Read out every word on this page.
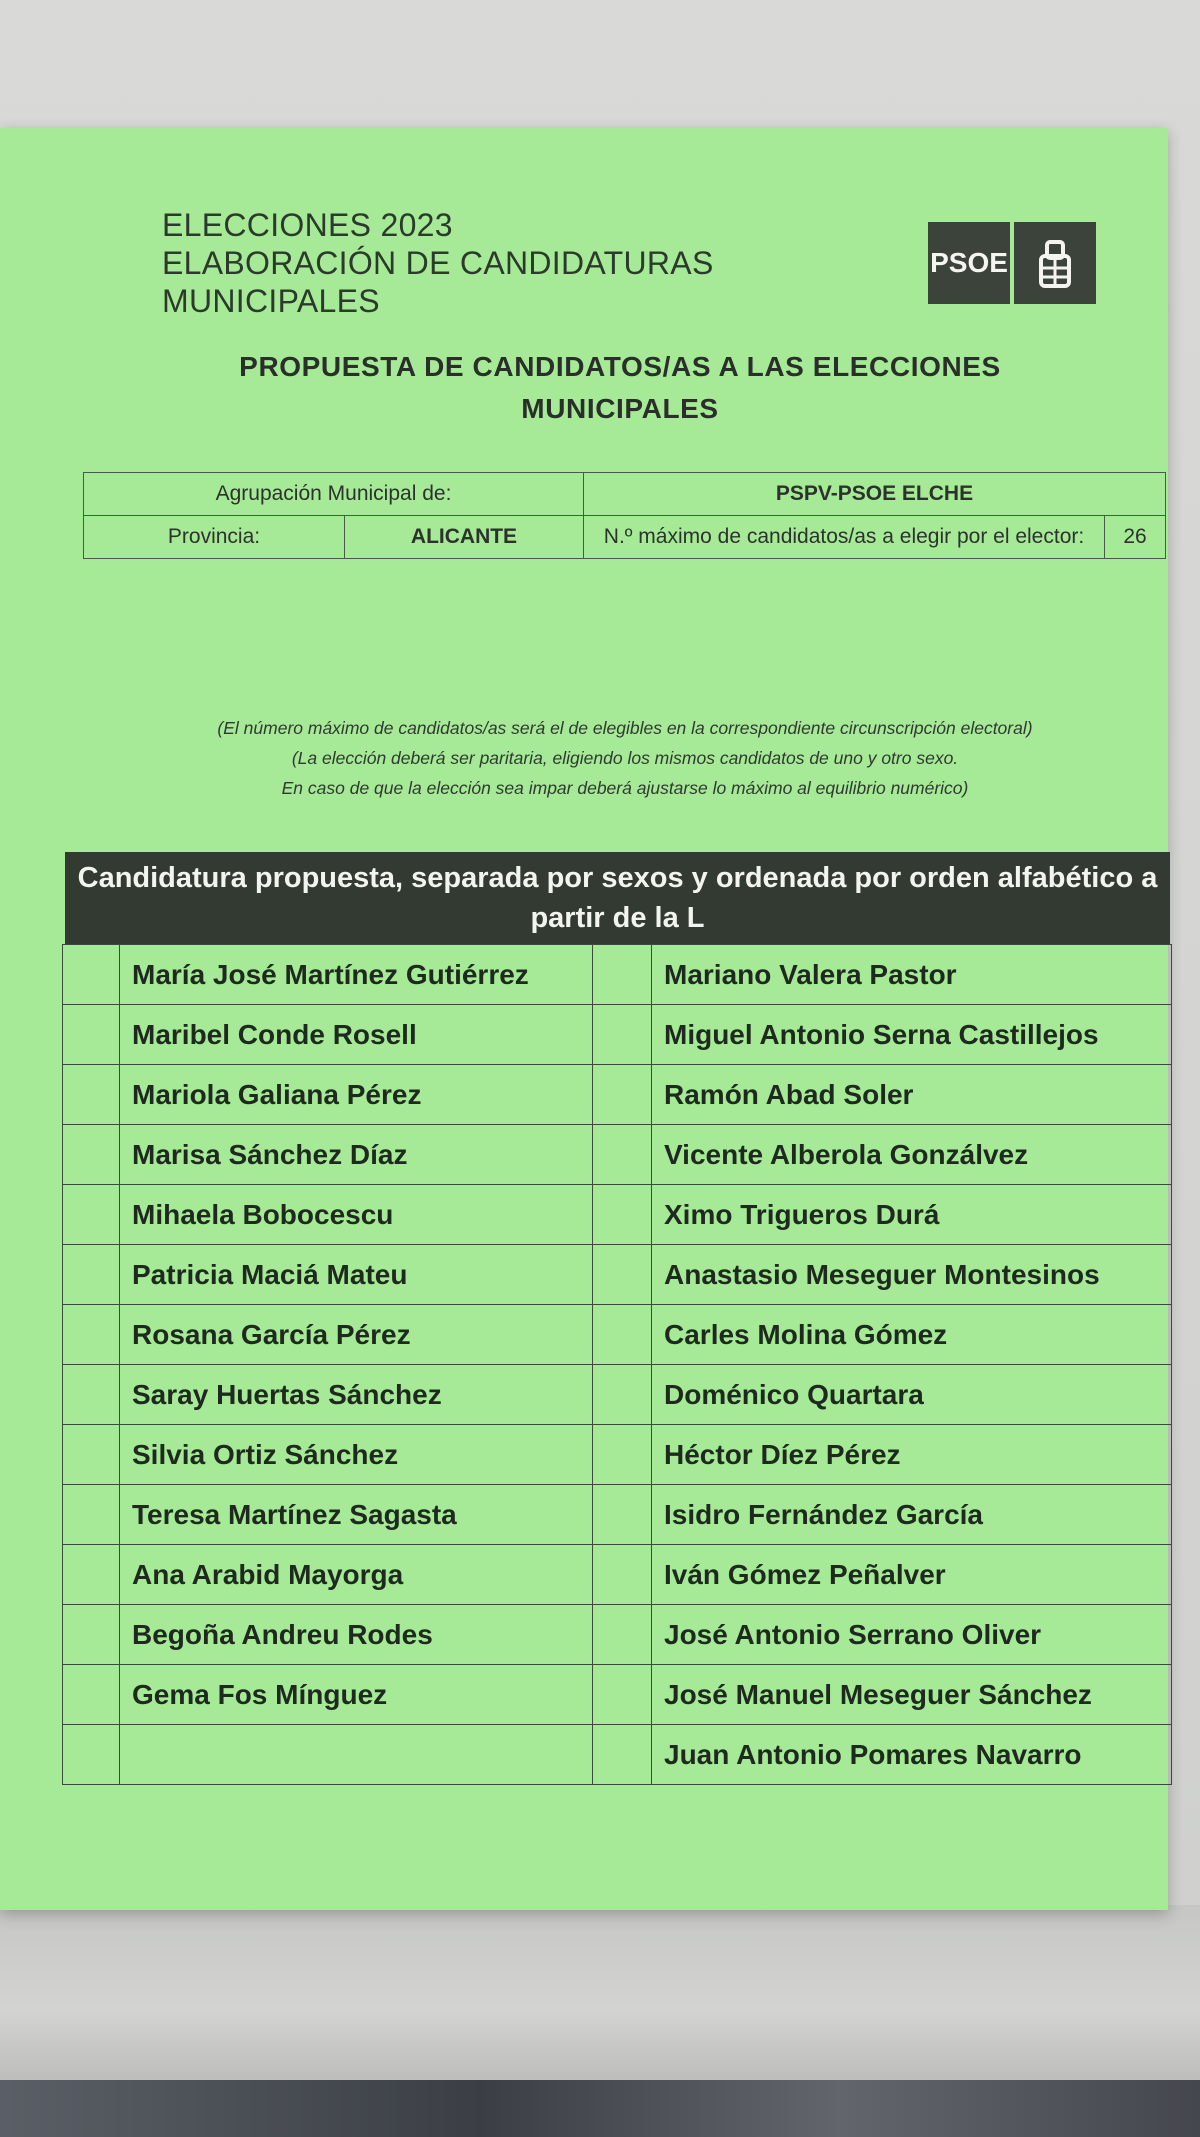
ELECCIONES 2023
ELABORACIÓN DE CANDIDATURAS
MUNICIPALES
PSOE
PROPUESTA DE CANDIDATOS/AS A LAS ELECCIONES
MUNICIPALES
Agrupación Municipal de:		PSPV-PSOE ELCHE	
Provincia:	ALICANTE	N.º máximo de candidatos/as a elegir por el elector:	26
(El número máximo de candidatos/as será el de elegibles en la correspondiente circunscripción electoral)
(La elección deberá ser paritaria, eligiendo los mismos candidatos de uno y otro sexo.
En caso de que la elección sea impar deberá ajustarse lo máximo al equilibrio numérico)
Candidatura propuesta, separada por sexos y ordenada por orden alfabético a
partir de la L
	María José Martínez Gutiérrez		Mariano Valera Pastor
	Maribel Conde Rosell		Miguel Antonio Serna Castillejos
	Mariola Galiana Pérez		Ramón Abad Soler
	Marisa Sánchez Díaz		Vicente Alberola Gonzálvez
	Mihaela Bobocescu		Ximo Trigueros Durá
	Patricia Maciá Mateu		Anastasio Meseguer Montesinos
	Rosana García Pérez		Carles Molina Gómez
	Saray Huertas Sánchez		Doménico Quartara
	Silvia Ortiz Sánchez		Héctor Díez Pérez
	Teresa Martínez Sagasta		Isidro Fernández García
	Ana Arabid Mayorga		Iván Gómez Peñalver
	Begoña Andreu Rodes		José Antonio Serrano Oliver
	Gema Fos Mínguez		José Manuel Meseguer Sánchez
			Juan Antonio Pomares Navarro
